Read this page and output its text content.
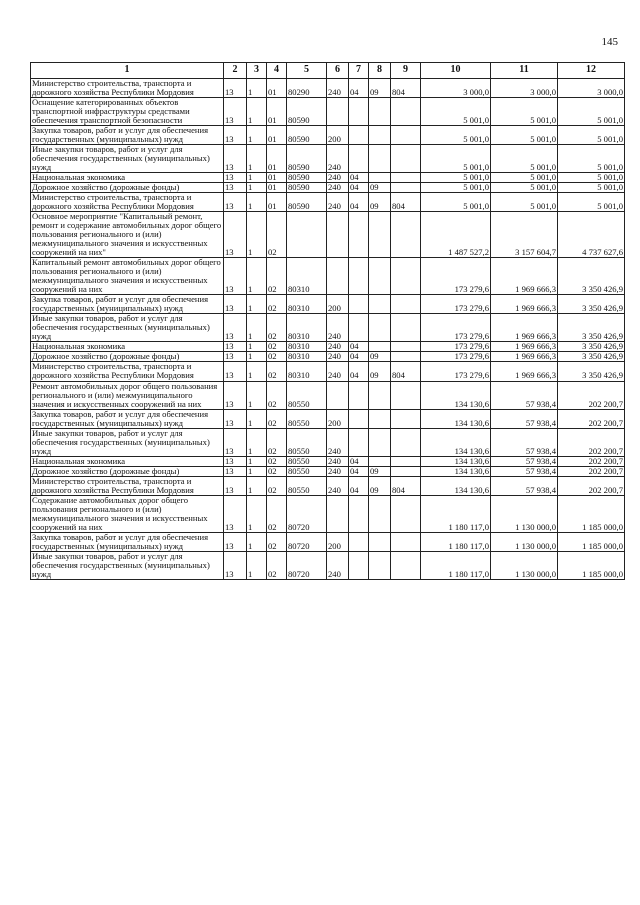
145
1	2	3	4	5	6	7	8	9	10	11	12
Министерство строительства, транспорта и дорожного хозяйства Республики Мордовия	13	1	01	80290	240	04	09	804	3 000,0	3 000,0	3 000,0
Оснащение категорированных объектов транспортной инфраструктуры средствами обеспечения транспортной безопасности	13	1	01	80590					5 001,0	5 001,0	5 001,0
Закупка товаров, работ и услуг для обеспечения государственных (муниципальных) нужд	13	1	01	80590	200				5 001,0	5 001,0	5 001,0
Иные закупки товаров, работ и услуг для обеспечения государственных (муниципальных) нужд	13	1	01	80590	240				5 001,0	5 001,0	5 001,0
Национальная экономика	13	1	01	80590	240	04			5 001,0	5 001,0	5 001,0
Дорожное хозяйство (дорожные фонды)	13	1	01	80590	240	04	09		5 001,0	5 001,0	5 001,0
Министерство строительства, транспорта и дорожного хозяйства Республики Мордовия	13	1	01	80590	240	04	09	804	5 001,0	5 001,0	5 001,0
Основное мероприятие "Капитальный ремонт, ремонт и содержание автомобильных дорог общего пользования регионального и (или) межмуниципального значения и искусственных сооружений на них"	13	1	02						1 487 527,2	3 157 604,7	4 737 627,6
Капитальный ремонт автомобильных дорог общего пользования регионального и (или) межмуниципального значения и искусственных сооружений на них	13	1	02	80310					173 279,6	1 969 666,3	3 350 426,9
Закупка товаров, работ и услуг для обеспечения государственных (муниципальных) нужд	13	1	02	80310	200				173 279,6	1 969 666,3	3 350 426,9
Иные закупки товаров, работ и услуг для обеспечения государственных (муниципальных) нужд	13	1	02	80310	240				173 279,6	1 969 666,3	3 350 426,9
Национальная экономика	13	1	02	80310	240	04			173 279,6	1 969 666,3	3 350 426,9
Дорожное хозяйство (дорожные фонды)	13	1	02	80310	240	04	09		173 279,6	1 969 666,3	3 350 426,9
Министерство строительства, транспорта и дорожного хозяйства Республики Мордовия	13	1	02	80310	240	04	09	804	173 279,6	1 969 666,3	3 350 426,9
Ремонт автомобильных дорог общего пользования регионального и (или) межмуниципального значения и искусственных сооружений на них	13	1	02	80550					134 130,6	57 938,4	202 200,7
Закупка товаров, работ и услуг для обеспечения государственных (муниципальных) нужд	13	1	02	80550	200				134 130,6	57 938,4	202 200,7
Иные закупки товаров, работ и услуг для обеспечения государственных (муниципальных) нужд	13	1	02	80550	240				134 130,6	57 938,4	202 200,7
Национальная экономика	13	1	02	80550	240	04			134 130,6	57 938,4	202 200,7
Дорожное хозяйство (дорожные фонды)	13	1	02	80550	240	04	09		134 130,6	57 938,4	202 200,7
Министерство строительства, транспорта и дорожного хозяйства Республики Мордовия	13	1	02	80550	240	04	09	804	134 130,6	57 938,4	202 200,7
Содержание автомобильных дорог общего пользования регионального и (или) межмуниципального значения и искусственных сооружений на них	13	1	02	80720					1 180 117,0	1 130 000,0	1 185 000,0
Закупка товаров, работ и услуг для обеспечения государственных (муниципальных) нужд	13	1	02	80720	200				1 180 117,0	1 130 000,0	1 185 000,0
Иные закупки товаров, работ и услуг для обеспечения государственных (муниципальных) нужд	13	1	02	80720	240				1 180 117,0	1 130 000,0	1 185 000,0
